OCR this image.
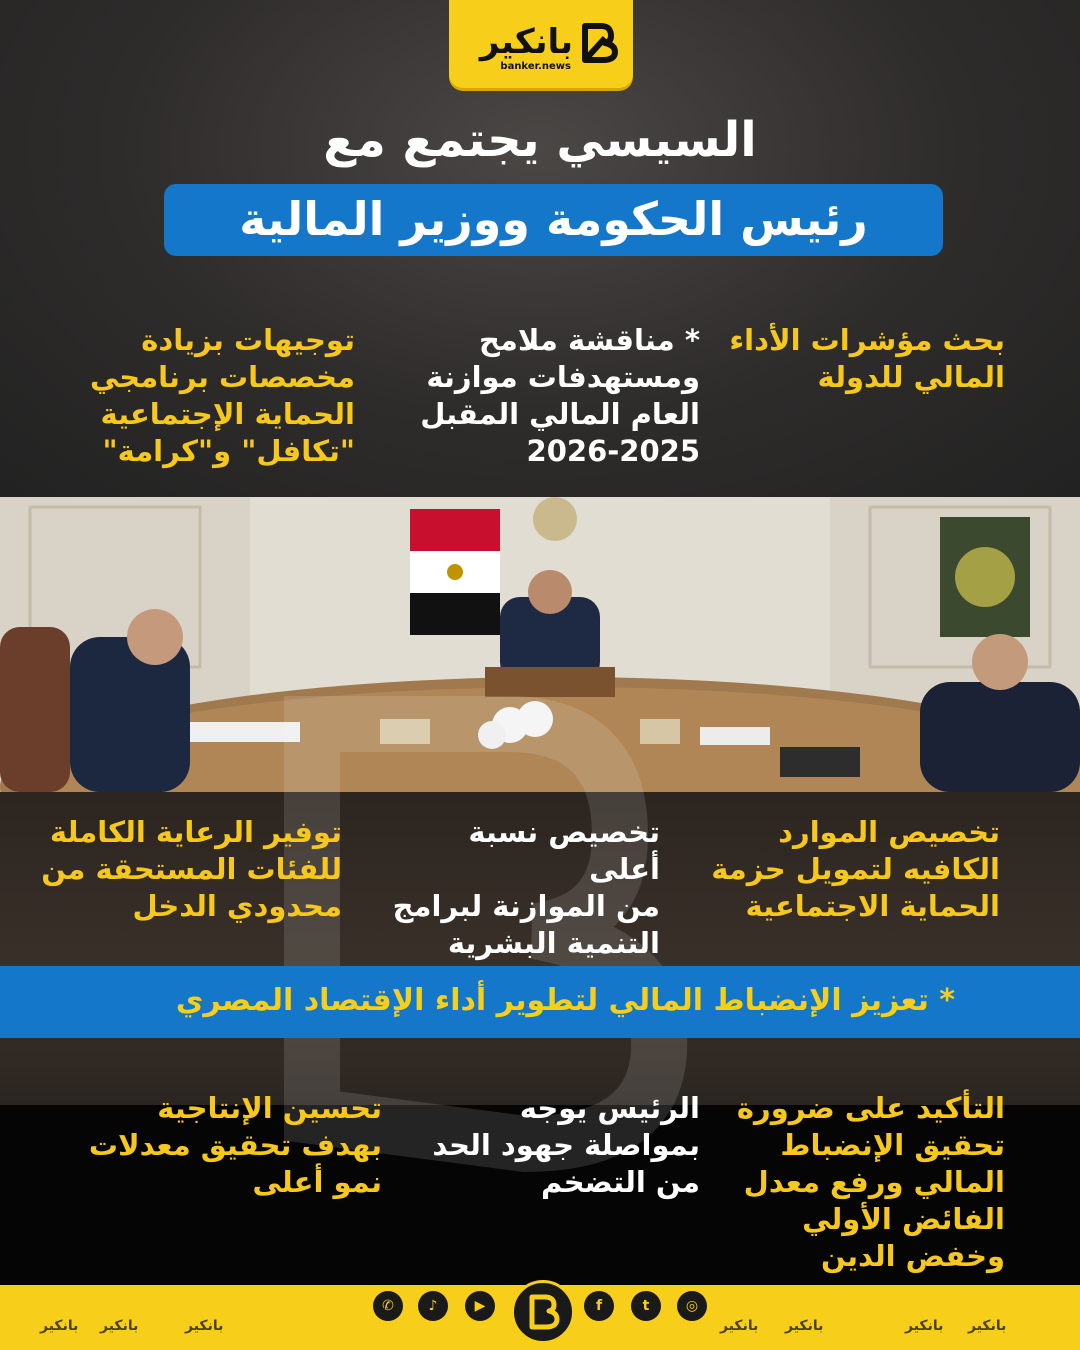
بانكير
banker.news
السيسي يجتمع مع
رئيس الحكومة ووزير المالية
بحث مؤشرات الأداء
المالي للدولة
* مناقشة ملامح
ومستهدفات موازنة
العام المالي المقبل
2026-2025
توجيهات بزيادة
مخصصات برنامجي
الحماية الإجتماعية
"تكافل" و"كرامة"
تخصيص الموارد
الكافيه لتمويل حزمة
الحماية الاجتماعية
تخصيص نسبة أعلى
من الموازنة لبرامج
التنمية البشرية
توفير الرعاية الكاملة
للفئات المستحقة من
محدودي الدخل
* تعزيز الإنضباط المالي لتطوير أداء الإقتصاد المصري
التأكيد على ضرورة
تحقيق الإنضباط
المالي ورفع معدل
الفائض الأولي
وخفض الدين
الرئيس يوجه
بمواصلة جهود الحد
من التضخم
تحسين الإنتاجية
بهدف تحقيق معدلات
نمو أعلى
بانكير بانكير	بانكير	بانكير بانكير	بانكير بانكير
✆	♪	▶	f	t	◎
